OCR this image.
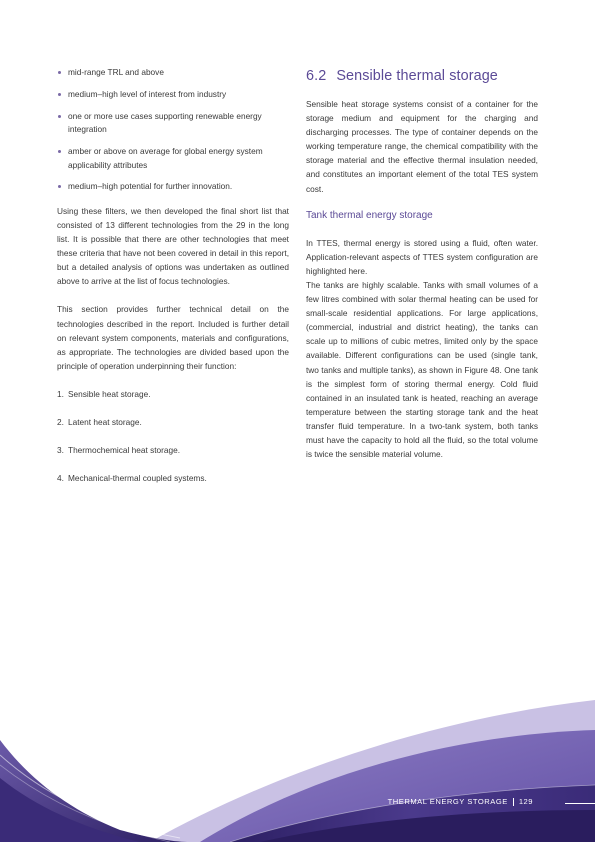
mid-range TRL and above
medium–high level of interest from industry
one or more use cases supporting renewable energy integration
amber or above on average for global energy system applicability attributes
medium–high potential for further innovation.

Using these filters, we then developed the final short list that consisted of 13 different technologies from the 29 in the long list. It is possible that there are other technologies that meet these criteria that have not been covered in detail in this report, but a detailed analysis of options was undertaken as outlined above to arrive at the list of focus technologies.

This section provides further technical detail on the technologies described in the report. Included is further detail on relevant system components, materials and configurations, as appropriate. The technologies are divided based upon the principle of operation underpinning their function:

1. Sensible heat storage.
2. Latent heat storage.
3. Thermochemical heat storage.
4. Mechanical-thermal coupled systems.
6.2 Sensible thermal storage

Sensible heat storage systems consist of a container for the storage medium and equipment for the charging and discharging processes. The type of container depends on the working temperature range, the chemical compatibility with the storage material and the effective thermal insulation needed, and constitutes an important element of the total TES system cost.

Tank thermal energy storage

In TTES, thermal energy is stored using a fluid, often water. Application-relevant aspects of TTES system configuration are highlighted here.

The tanks are highly scalable. Tanks with small volumes of a few litres combined with solar thermal heating can be used for small-scale residential applications. For large applications, (commercial, industrial and district heating), the tanks can scale up to millions of cubic metres, limited only by the space available. Different configurations can be used (single tank, two tanks and multiple tanks), as shown in Figure 48. One tank is the simplest form of storing thermal energy. Cold fluid contained in an insulated tank is heated, reaching an average temperature between the starting storage tank and the heat transfer fluid temperature. In a two-tank system, both tanks must have the capacity to hold all the fluid, so the total volume is twice the sensible material volume.

THERMAL ENERGY STORAGE 129
